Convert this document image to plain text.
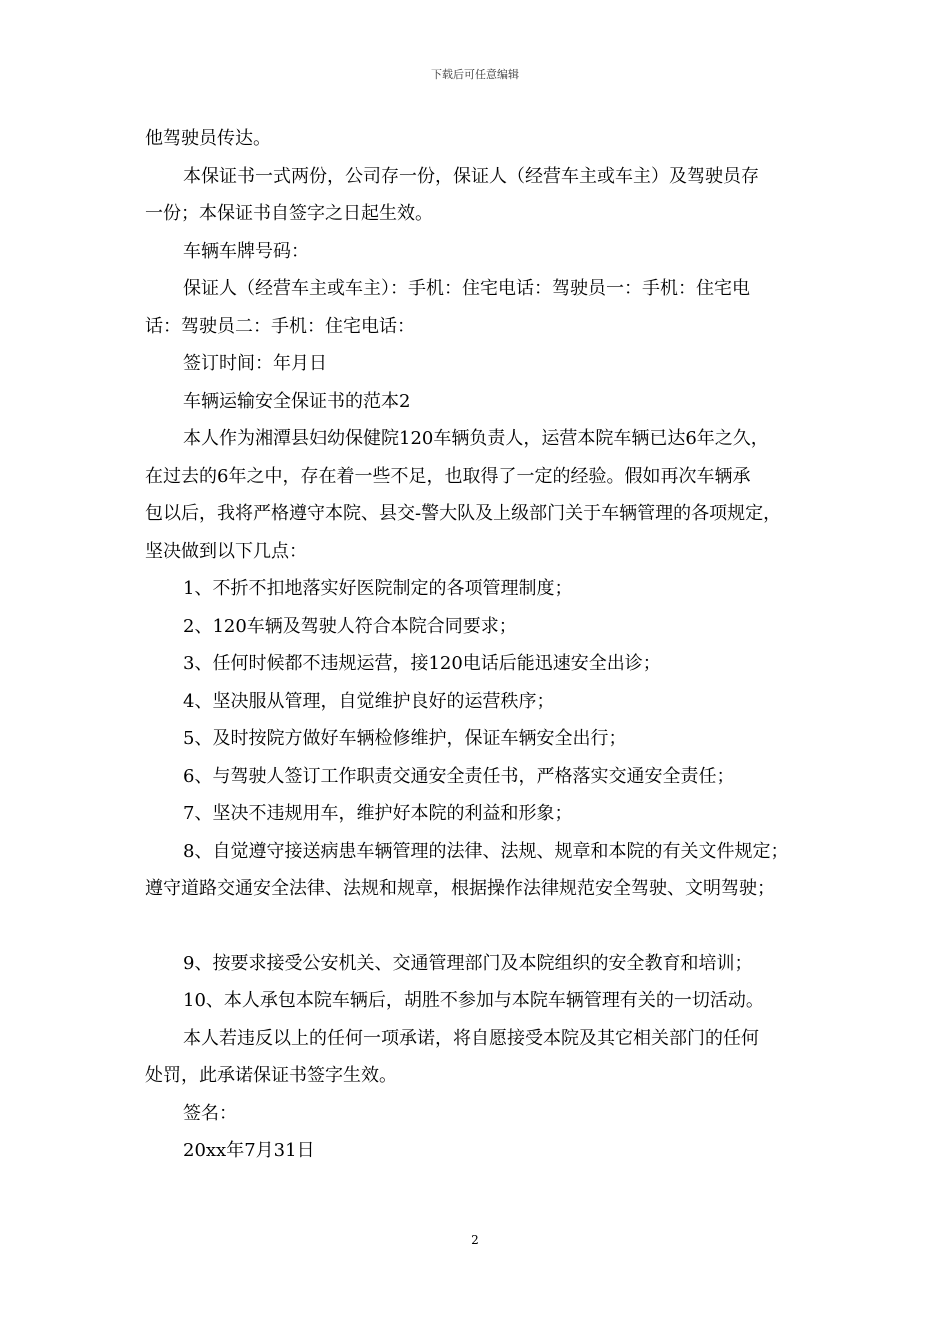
下载后可任意编辑

他驾驶员传达。

本保证书一式两份，公司存一份，保证人（经营车主或车主）及驾驶员存
一份；本保证书自签字之日起生效。

车辆车牌号码：

保证人（经营车主或车主）：手机：住宅电话：驾驶员一：手机：住宅电
话：驾驶员二：手机：住宅电话：

签订时间：年月日

车辆运输安全保证书的范本2

本人作为湘潭县妇幼保健院120车辆负责人，运营本院车辆已达6年之久，
在过去的6年之中，存在着一些不足，也取得了一定的经验。假如再次车辆承
包以后，我将严格遵守本院、县交-警大队及上级部门关于车辆管理的各项规定，
坚决做到以下几点：

1、不折不扣地落实好医院制定的各项管理制度；

2、120车辆及驾驶人符合本院合同要求；

3、任何时候都不违规运营，接120电话后能迅速安全出诊；

4、坚决服从管理，自觉维护良好的运营秩序；

5、及时按院方做好车辆检修维护，保证车辆安全出行；

6、与驾驶人签订工作职责交通安全责任书，严格落实交通安全责任；

7、坚决不违规用车，维护好本院的利益和形象；

8、自觉遵守接送病患车辆管理的法律、法规、规章和本院的有关文件规定；
遵守道路交通安全法律、法规和规章，根据操作法律规范安全驾驶、文明驾驶；

9、按要求接受公安机关、交通管理部门及本院组织的安全教育和培训；

10、本人承包本院车辆后，胡胜不参加与本院车辆管理有关的一切活动。

本人若违反以上的任何一项承诺，将自愿接受本院及其它相关部门的任何
处罚，此承诺保证书签字生效。

签名：

20xx年7月31日

2
